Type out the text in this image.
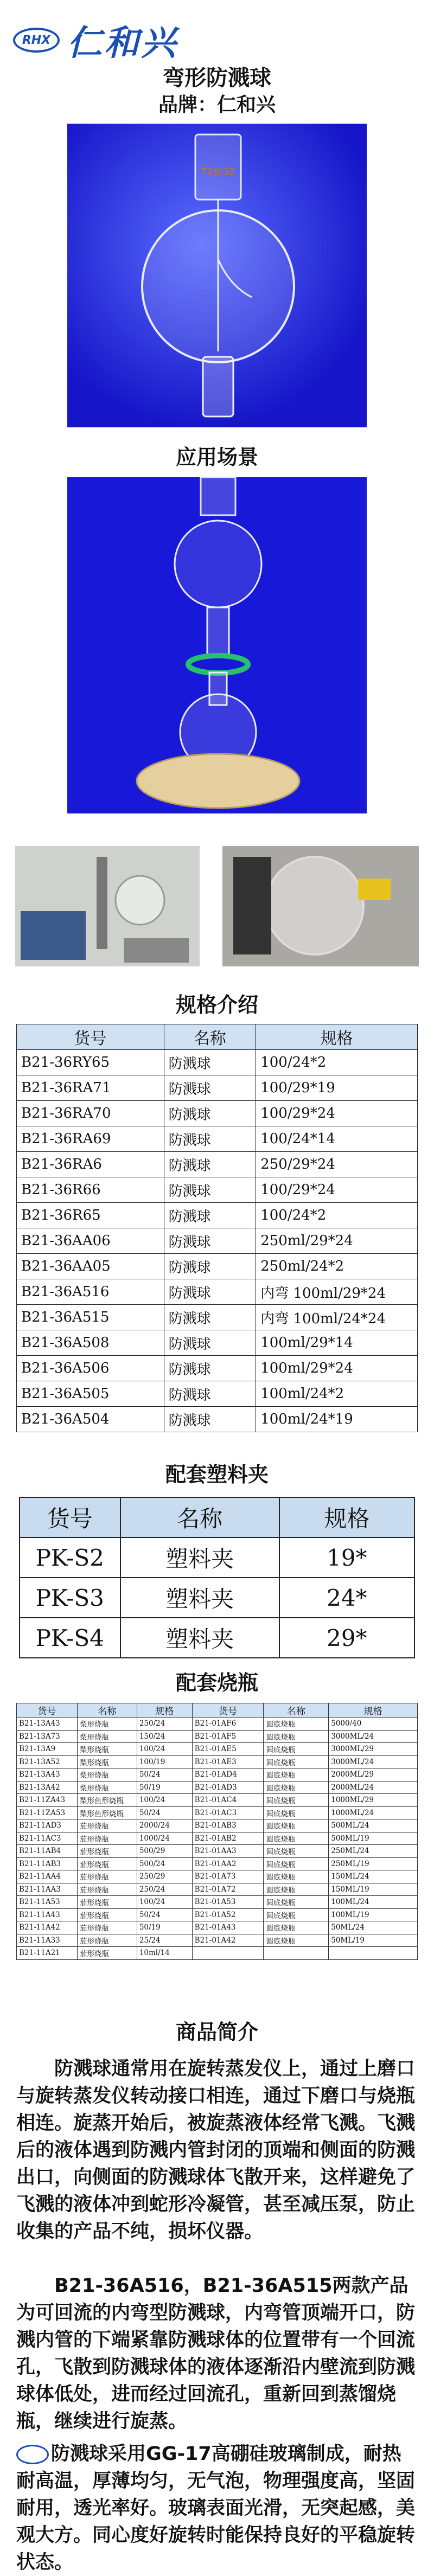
RHX 仁和兴
弯形防溅球
品牌：仁和兴
T29/32
应用场景
规格介绍
货号	名称	规格
B21-36RY65	防溅球	100/24*2
B21-36RA71	防溅球	100/29*19
B21-36RA70	防溅球	100/29*24
B21-36RA69	防溅球	100/24*14
B21-36RA6	防溅球	250/29*24
B21-36R66	防溅球	100/29*24
B21-36R65	防溅球	100/24*2
B21-36AA06	防溅球	250ml/29*24
B21-36AA05	防溅球	250ml/24*2
B21-36A516	防溅球	内弯 100ml/29*24
B21-36A515	防溅球	内弯 100ml/24*24
B21-36A508	防溅球	100ml/29*14
B21-36A506	防溅球	100ml/29*24
B21-36A505	防溅球	100ml/24*2
B21-36A504	防溅球	100ml/24*19
配套塑料夹
货号	名称	规格
PK-S2	塑料夹	19*
PK-S3	塑料夹	24*
PK-S4	塑料夹	29*
配套烧瓶
货号	名称	规格	货号	名称	规格
B21-13A43	梨形烧瓶	250/24	B21-01AF6	圆底烧瓶	5000/40
B21-13A73	梨形烧瓶	150/24	B21-01AF5	圆底烧瓶	3000ML/24
B21-13A9	梨形烧瓶	100/24	B21-01AE5	圆底烧瓶	3000ML/29
B21-13A52	梨形烧瓶	100/19	B21-01AE3	圆底烧瓶	3000ML/24
B21-13A43	梨形烧瓶	50/24	B21-01AD4	圆底烧瓶	2000ML/29
B21-13A42	梨形烧瓶	50/19	B21-01AD3	圆底烧瓶	2000ML/24
B21-11ZA43	梨形鱼形烧瓶	100/24	B21-01AC4	圆底烧瓶	1000ML/29
B21-11ZA53	梨形鱼形烧瓶	50/24	B21-01AC3	圆底烧瓶	1000ML/24
B21-11AD3	茄形烧瓶	2000/24	B21-01AB3	圆底烧瓶	500ML/24
B21-11AC3	茄形烧瓶	1000/24	B21-01AB2	圆底烧瓶	500ML/19
B21-11AB4	茄形烧瓶	500/29	B21-01AA3	圆底烧瓶	250ML/24
B21-11AB3	茄形烧瓶	500/24	B21-01AA2	圆底烧瓶	250ML/19
B21-11AA4	茄形烧瓶	250/29	B21-01A73	圆底烧瓶	150ML/24
B21-11AA3	茄形烧瓶	250/24	B21-01A72	圆底烧瓶	150ML/19
B21-11A53	茄形烧瓶	100/24	B21-01A53	圆底烧瓶	100ML/24
B21-11A43	茄形烧瓶	50/24	B21-01A52	圆底烧瓶	100ML/19
B21-11A42	茄形烧瓶	50/19	B21-01A43	圆底烧瓶	50ML/24
B21-11A33	茄形烧瓶	25/24	B21-01A42	圆底烧瓶	50ML/19
B21-11A21	茄形烧瓶	10ml/14			
商品简介
防溅球通常用在旋转蒸发仪上，通过上磨口与旋转蒸发仪转动接口相连，通过下磨口与烧瓶相连。旋蒸开始后，被旋蒸液体经常飞溅。飞溅后的液体遇到防溅内管封闭的顶端和侧面的防溅出口，向侧面的防溅球体飞散开来，这样避免了飞溅的液体冲到蛇形冷凝管，甚至减压泵，防止收集的产品不纯，损坏仪器。
B21-36A516，B21-36A515两款产品为可回流的内弯型防溅球，内弯管顶端开口，防溅内管的下端紧靠防溅球体的位置带有一个回流孔，飞散到防溅球体的液体逐渐沿内壁流到防溅球体低处，进而经过回流孔，重新回到蒸馏烧瓶，继续进行旋蒸。
防溅球采用GG-17高硼硅玻璃制成，耐热耐高温，厚薄均匀，无气泡，物理强度高，坚固耐用，透光率好。玻璃表面光滑，无突起感，美观大方。同心度好旋转时能保持良好的平稳旋转状态。
